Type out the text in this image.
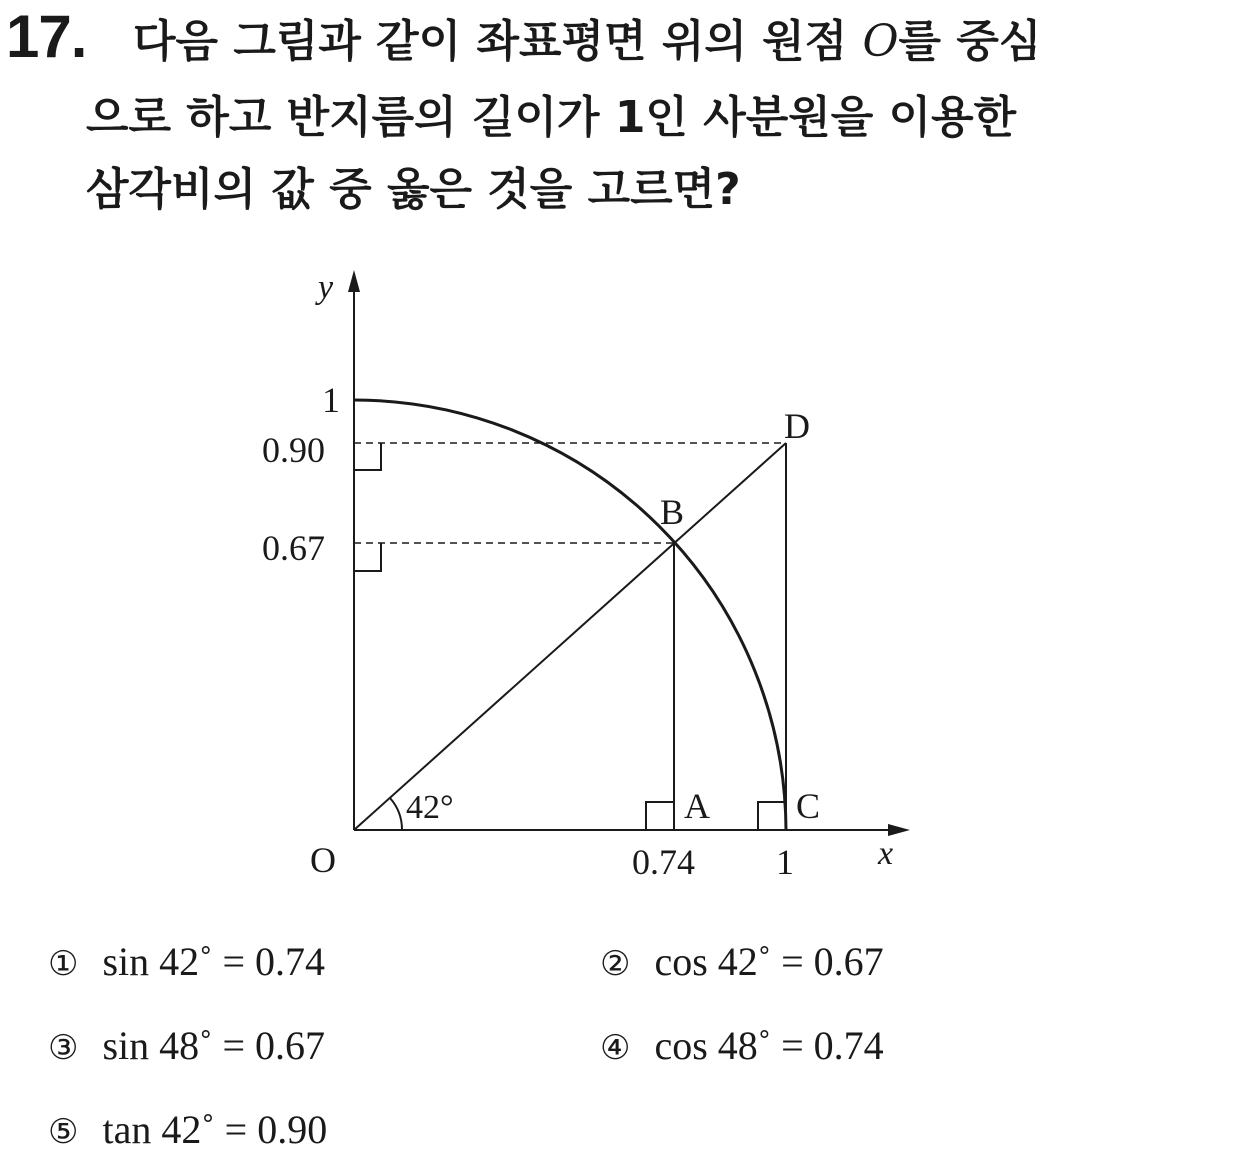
17. 다음 그림과 같이 좌표평면 위의 원점 O를 중심
으로 하고 반지름의 길이가 1인 사분원을 이용한
삼각비의 값 중 옳은 것을 고르면?
y
x
O
1
0.90
0.67
0.74 1
A
B
C
D
42°
① sin 42˚ = 0.74	② cos 42˚ = 0.67
③ sin 48˚ = 0.67	④ cos 48˚ = 0.74
⑤ tan 42˚ = 0.90
